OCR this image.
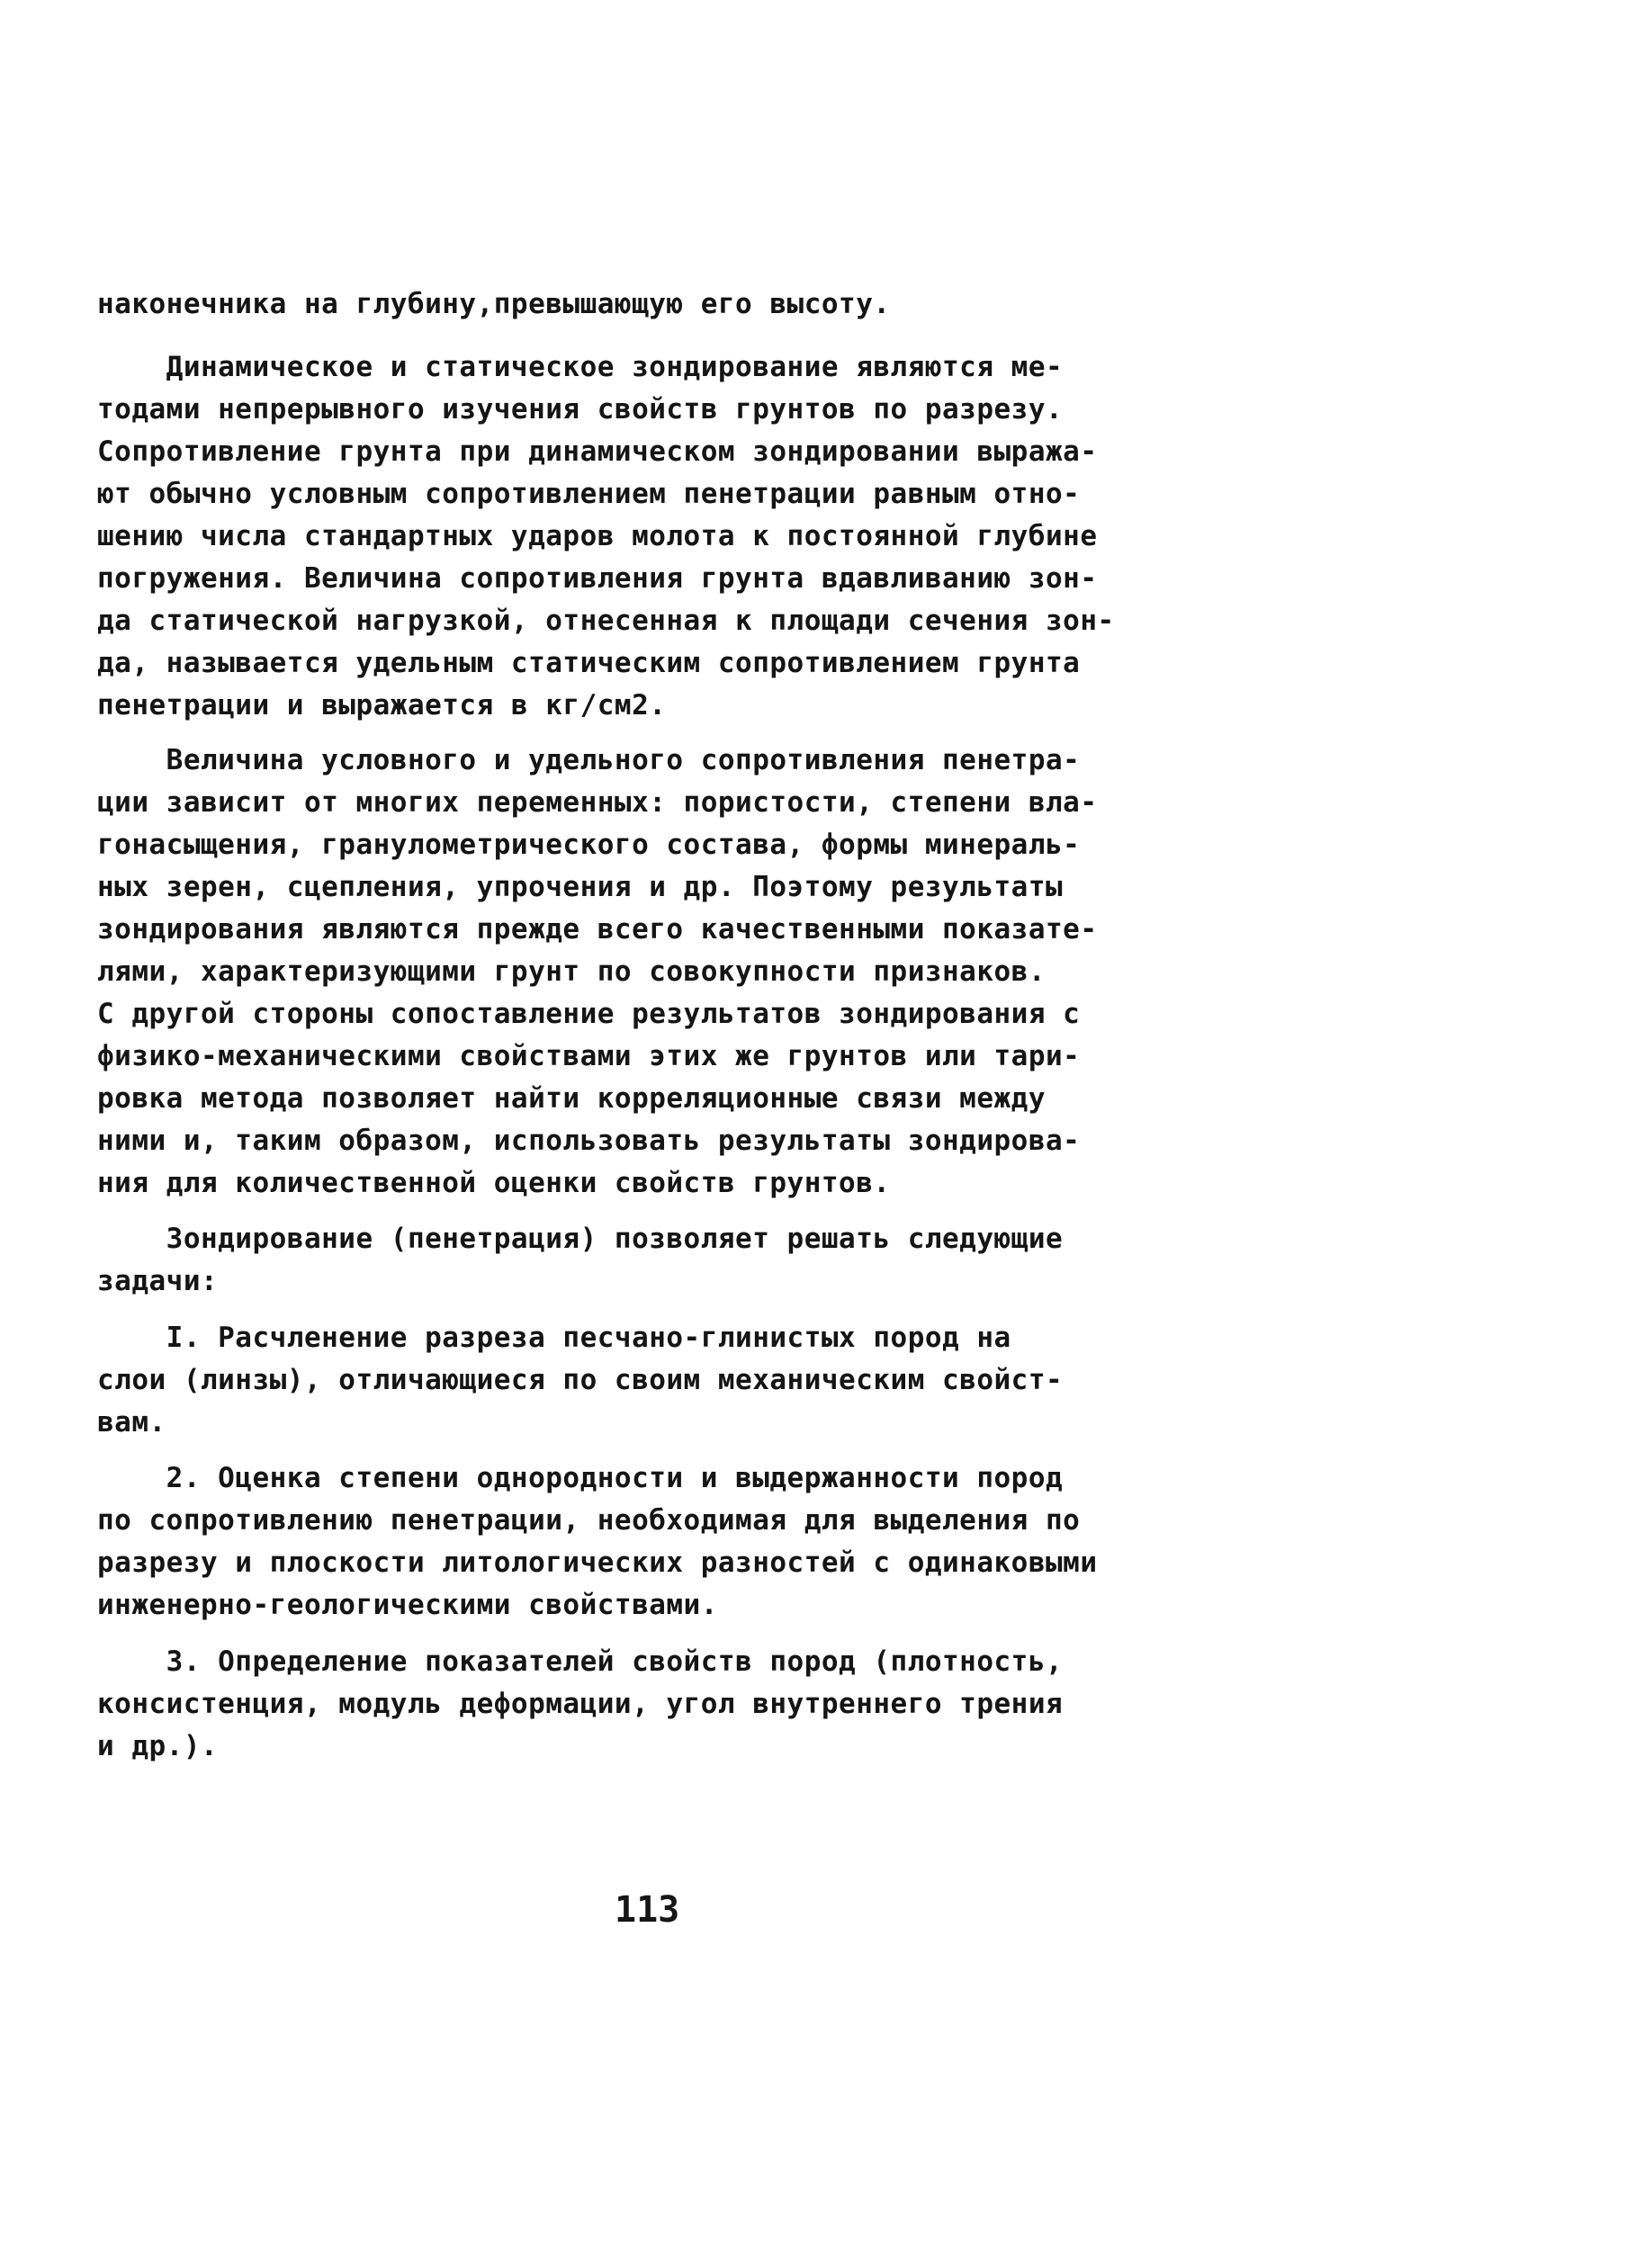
наконечника на глубину,превышающую его высоту.
Динамическое и статическое зондирование являются ме-
тодами непрерывного изучения свойств грунтов по разрезу.
Сопротивление грунта при динамическом зондировании выража-
ют обычно условным сопротивлением пенетрации равным отно-
шению числа стандартных ударов молота к постоянной глубине
погружения. Величина сопротивления грунта вдавливанию зон-
да статической нагрузкой, отнесенная к площади сечения зон-
да, называется удельным статическим сопротивлением грунта
пенетрации и выражается в кг/см2.
Величина условного и удельного сопротивления пенетра-
ции зависит от многих переменных: пористости, степени вла-
гонасыщения, гранулометрического состава, формы минераль-
ных зерен, сцепления, упрочения и др. Поэтому результаты
зондирования являются прежде всего качественными показате-
лями, характеризующими грунт по совокупности признаков.
С другой стороны сопоставление результатов зондирования с
физико-механическими свойствами этих же грунтов или тари-
ровка метода позволяет найти корреляционные связи между
ними и, таким образом, использовать результаты зондирова-
ния для количественной оценки свойств грунтов.
Зондирование (пенетрация) позволяет решать следующие
задачи:
I. Расчленение разреза песчано-глинистых пород на
слои (линзы), отличающиеся по своим механическим свойст-
вам.
2. Оценка степени однородности и выдержанности пород
по сопротивлению пенетрации, необходимая для выделения по
разрезу и плоскости литологических разностей с одинаковыми
инженерно-геологическими свойствами.
3. Определение показателей свойств пород (плотность,
консистенция, модуль деформации, угол внутреннего трения
и др.).
113
